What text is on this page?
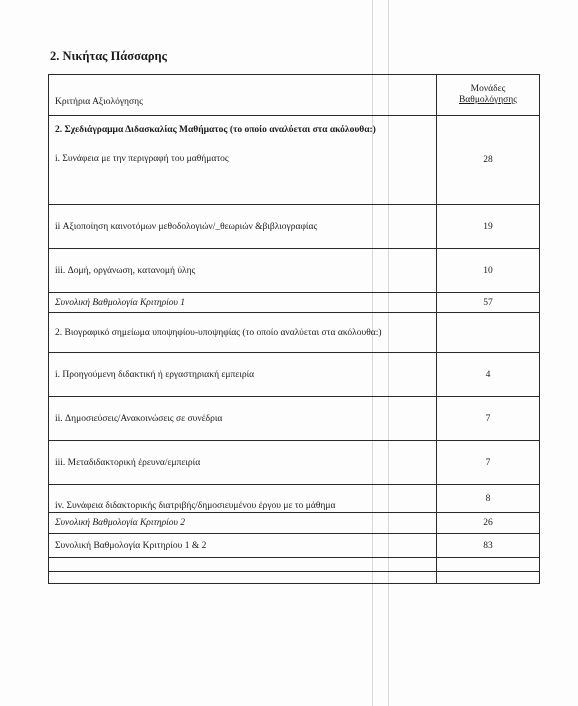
2. Νικήτας Πάσσαρης
Κριτήρια Αξιολόγησης	Μονάδες
Βαθμολόγησης

2. Σχεδιάγραμμα Διδασκαλίας Μαθήματος (το οποίο αναλύεται στα ακόλουθα:)
i. Συνάφεια με την περιγραφή του μαθήματος	28
ii Αξιοποίηση καινοτόμων μεθοδολογιών/_θεωριών &βιβλιογραφίας	19
iii. Δομή, οργάνωση, κατανομή ύλης	10
Συνολική Βαθμολογία Κριτηρίου 1	57
2. Βιογραφικό σημείωμα υποψηφίου-υποψηφίας (το οποίο αναλύεται στα ακόλουθα:)	
i. Προηγούμενη διδακτική ή εργαστηριακή εμπειρία	4
ii. Δημοσιεύσεις/Ανακοινώσεις σε συνέδρια	7
iii. Μεταδιδακτορική έρευνα/εμπειρία	7
iv. Συνάφεια διδακτορικής διατριβής/δημοσιευμένου έργου με το μάθημα	8
Συνολική Βαθμολογία Κριτηρίου 2	26
Συνολική Βαθμολογία Κριτηρίου 1 & 2	83
